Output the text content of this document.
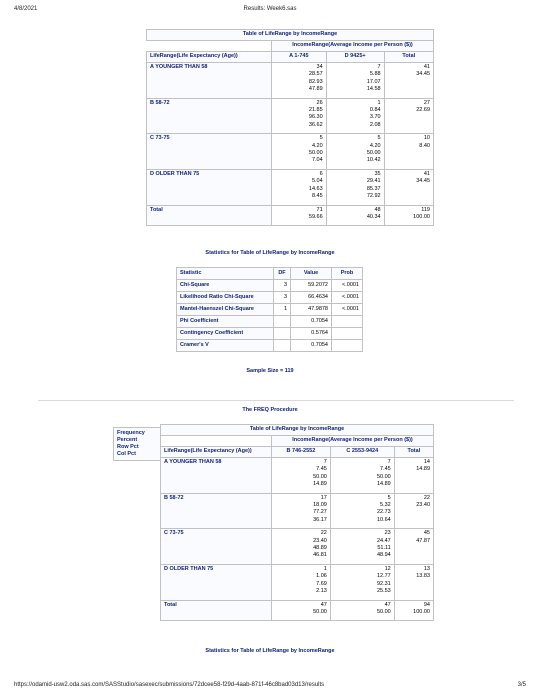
4/8/2021	Results: Week6.sas
Table of LifeRange by IncomeRange			
	IncomeRange(Average Income per Person ($))		
LifeRange(Life Expectancy (Age))	A 1-745	D 9425+	Total
A YOUNGER THAN 58	34
28.57
82.93
47.89	7
5.88
17.07
14.58	41
34.45
B 58-72	26
21.85
96.30
36.62	1
0.84
3.70
2.08	27
22.69
C 73-75	5
4.20
50.00
7.04	5
4.20
50.00
10.42	10
8.40
D OLDER THAN 75	6
5.04
14.63
8.45	35
29.41
85.37
72.92	41
34.45
Total	71
59.66	48
40.34	119
100.00
Statistics for Table of LifeRange by IncomeRange
Statistic	DF	Value	Prob
Chi-Square	3	59.2072	<.0001
Likelihood Ratio Chi-Square	3	66.4634	<.0001
Mantel-Haenszel Chi-Square	1	47.9878	<.0001
Phi Coefficient		0.7054	
Contingency Coefficient		0.5764	
Cramer's V		0.7054	
Sample Size = 119
The FREQ Procedure
Frequency
Percent
Row Pct
Col Pct
Table of LifeRange by IncomeRange			
	IncomeRange(Average Income per Person ($))		
LifeRange(Life Expectancy (Age))	B 746-2552	C 2553-9424	Total
A YOUNGER THAN 58	7
7.45
50.00
14.89	7
7.45
50.00
14.89	14
14.89
B 58-72	17
18.09
77.27
36.17	5
5.32
22.73
10.64	22
23.40
C 73-75	22
23.40
48.89
46.81	23
24.47
51.11
48.94	45
47.87
D OLDER THAN 75	1
1.06
7.69
2.13	12
12.77
92.31
25.53	13
13.83
Total	47
50.00	47
50.00	94
100.00
Statistics for Table of LifeRange by IncomeRange
https://odamid-usw2.oda.sas.com/SASStudio/sasexec/submissions/72dcee58-f29d-4aab-871f-46c8bad03d13/results	3/5
